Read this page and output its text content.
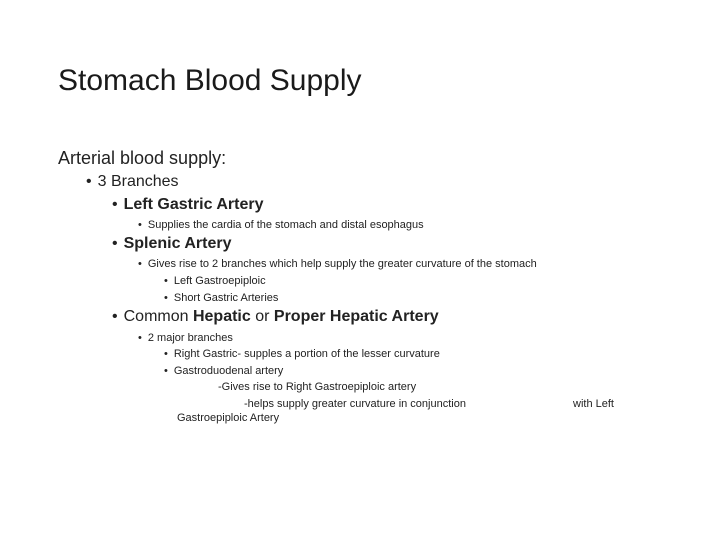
Stomach Blood Supply
Arterial blood supply:
• 3 Branches
• Left Gastric Artery
• Supplies the cardia of the stomach and distal esophagus
• Splenic Artery
• Gives rise to 2 branches which help supply the greater curvature of the stomach
• Left Gastroepiploic
• Short Gastric Arteries
• Common Hepatic or Proper Hepatic Artery
• 2 major branches
• Right Gastric- supples a portion of the lesser curvature
• Gastroduodenal artery
-Gives rise to Right Gastroepiploic artery
-helps supply greater curvature in conjunction	with Left
Gastroepiploic Artery
